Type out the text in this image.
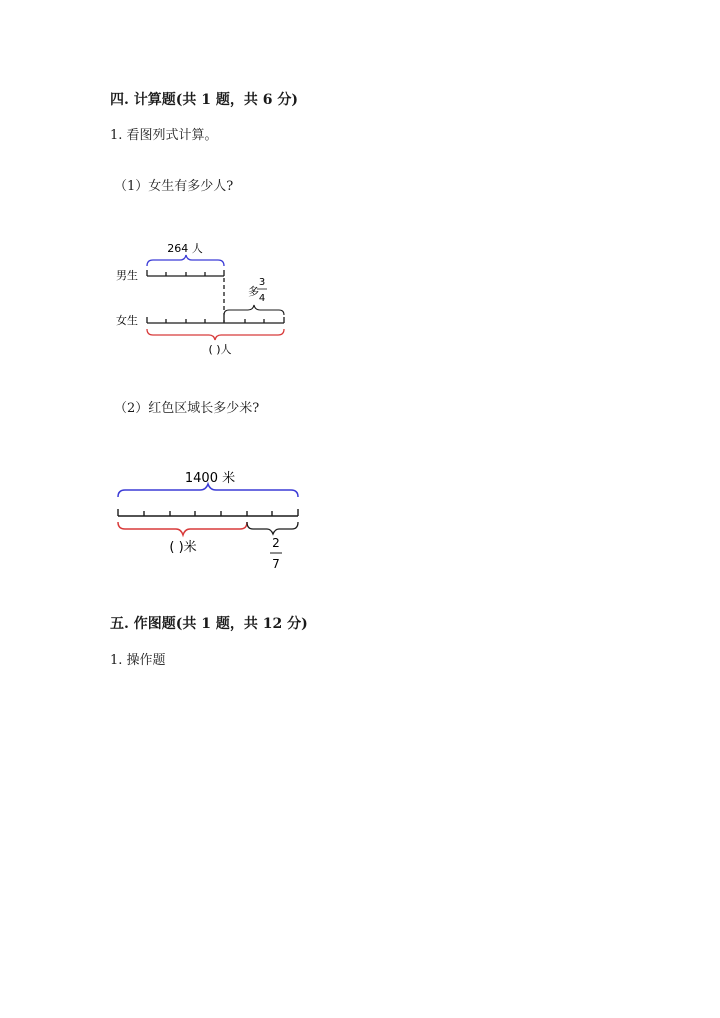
四. 计算题(共 1 题，共 6 分)
1. 看图列式计算。
（1）女生有多少人?
264 人
男生
多
3
4
女生
( )人
1400 米
( )米	2
7
（2）红色区域长多少米?
五. 作图题(共 1 题，共 12 分)
1. 操作题
